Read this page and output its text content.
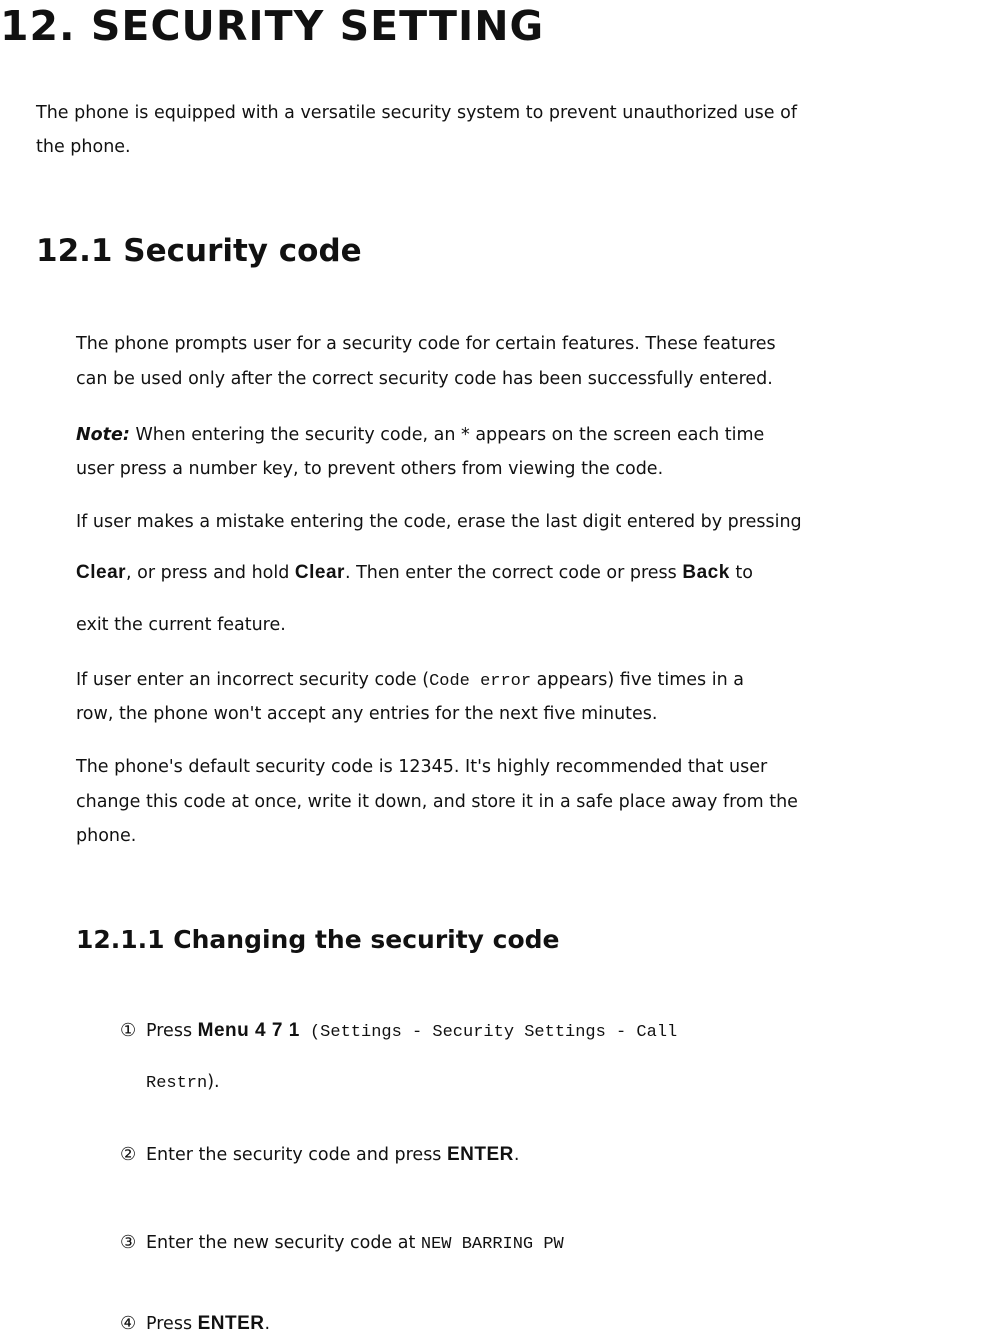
12. SECURITY SETTING
The phone is equipped with a versatile security system to prevent unauthorized use of
the phone.
12.1 Security code
The phone prompts user for a security code for certain features. These features
can be used only after the correct security code has been successfully entered.
Note: When entering the security code, an * appears on the screen each time
user press a number key, to prevent others from viewing the code.
If user makes a mistake entering the code, erase the last digit entered by pressing
Clear, or press and hold Clear. Then enter the correct code or press Back to
exit the current feature.
If user enter an incorrect security code (Code error appears) five times in a
row, the phone won't accept any entries for the next five minutes.
The phone's default security code is 12345. It's highly recommended that user
change this code at once, write it down, and store it in a safe place away from the
phone.
12.1.1 Changing the security code
① Press Menu 4 7 1 (Settings - Security Settings - Call
Restrn).
② Enter the security code and press ENTER.
③ Enter the new security code at NEW BARRING PW
④ Press ENTER.
